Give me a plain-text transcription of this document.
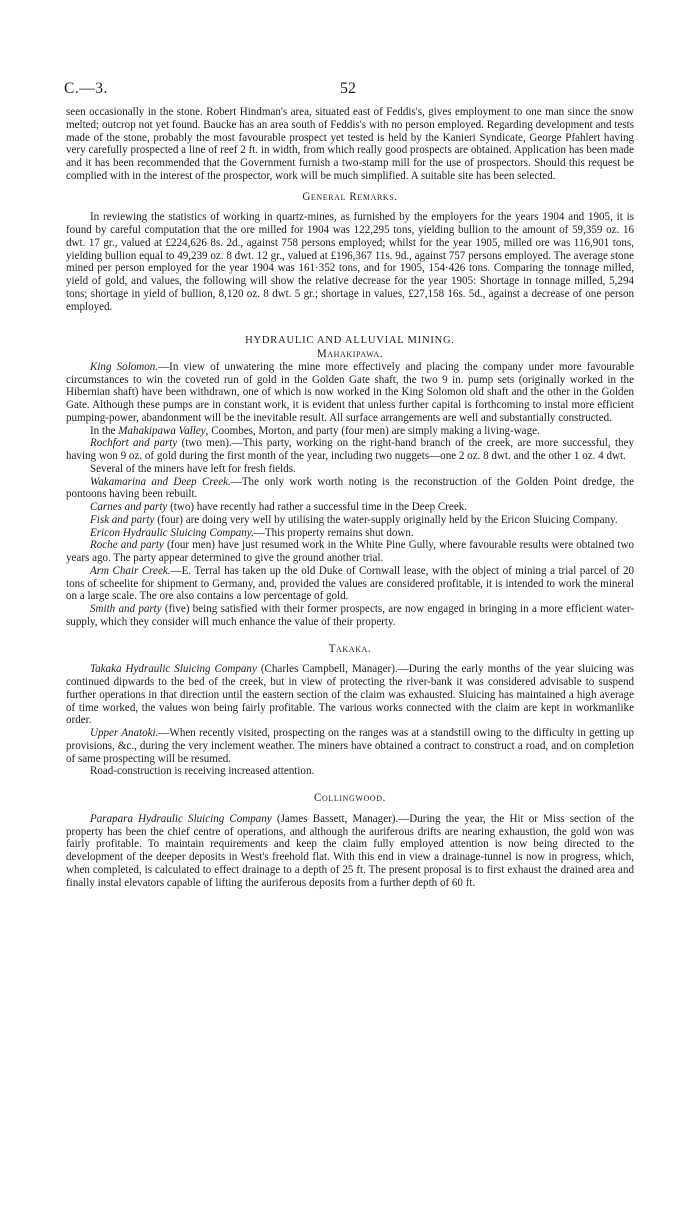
C.—3.	52

seen occasionally in the stone. Robert Hindman's area, situated east of Feddis's, gives employment to one man since the snow melted; outcrop not yet found. Baucke has an area south of Feddis's with no person employed. Regarding development and tests made of the stone, probably the most favourable prospect yet tested is held by the Kanieri Syndicate, George Pfahlert having very carefully prospected a line of reef 2 ft. in width, from which really good prospects are obtained. Application has been made and it has been recommended that the Government furnish a two-stamp mill for the use of prospectors. Should this request be complied with in the interest of the prospector, work will be much simplified. A suitable site has been selected.

General Remarks.

In reviewing the statistics of working in quartz-mines, as furnished by the employers for the years 1904 and 1905, it is found by careful computation that the ore milled for 1904 was 122,295 tons, yielding bullion to the amount of 59,359 oz. 16 dwt. 17 gr., valued at £224,626 8s. 2d., against 758 persons employed; whilst for the year 1905, milled ore was 116,901 tons, yielding bullion equal to 49,239 oz. 8 dwt. 12 gr., valued at £196,367 11s. 9d., against 757 persons employed. The average stone mined per person employed for the year 1904 was 161·352 tons, and for 1905, 154·426 tons. Comparing the tonnage milled, yield of gold, and values, the following will show the relative decrease for the year 1905: Shortage in tonnage milled, 5,294 tons; shortage in yield of bullion, 8,120 oz. 8 dwt. 5 gr.; shortage in values, £27,158 16s. 5d., against a decrease of one person employed.

HYDRAULIC AND ALLUVIAL MINING.

Mahakipawa.

King Solomon.—In view of unwatering the mine more effectively and placing the company under more favourable circumstances to win the coveted run of gold in the Golden Gate shaft, the two 9 in. pump sets (originally worked in the Hibernian shaft) have been withdrawn, one of which is now worked in the King Solomon old shaft and the other in the Golden Gate. Although these pumps are in constant work, it is evident that unless further capital is forthcoming to instal more efficient pumping-power, abandonment will be the inevitable result. All surface arrangements are well and substantially constructed.

In the Mahakipawa Valley, Coombes, Morton, and party (four men) are simply making a living-wage.

Rochfort and party (two men).—This party, working on the right-hand branch of the creek, are more successful, they having won 9 oz. of gold during the first month of the year, including two nuggets—one 2 oz. 8 dwt. and the other 1 oz. 4 dwt.

Several of the miners have left for fresh fields.

Wakamarina and Deep Creek.—The only work worth noting is the reconstruction of the Golden Point dredge, the pontoons having been rebuilt.

Carnes and party (two) have recently had rather a successful time in the Deep Creek.

Fisk and party (four) are doing very well by utilising the water-supply originally held by the Ericon Sluicing Company.

Ericon Hydraulic Sluicing Company.—This property remains shut down.

Roche and party (four men) have just resumed work in the White Pine Gully, where favourable results were obtained two years ago. The party appear determined to give the ground another trial.

Arm Chair Creek.—E. Terral has taken up the old Duke of Cornwall lease, with the object of mining a trial parcel of 20 tons of scheelite for shipment to Germany, and, provided the values are considered profitable, it is intended to work the mineral on a large scale. The ore also contains a low percentage of gold.

Smith and party (five) being satisfied with their former prospects, are now engaged in bringing in a more efficient water-supply, which they consider will much enhance the value of their property.

Takaka.

Takaka Hydraulic Sluicing Company (Charles Campbell, Manager).—During the early months of the year sluicing was continued dipwards to the bed of the creek, but in view of protecting the river-bank it was considered advisable to suspend further operations in that direction until the eastern section of the claim was exhausted. Sluicing has maintained a high average of time worked, the values won being fairly profitable. The various works connected with the claim are kept in workmanlike order.

Upper Anatoki.—When recently visited, prospecting on the ranges was at a standstill owing to the difficulty in getting up provisions, &c., during the very inclement weather. The miners have obtained a contract to construct a road, and on completion of same prospecting will be resumed.

Road-construction is receiving increased attention.

Collingwood.

Parapara Hydraulic Sluicing Company (James Bassett, Manager).—During the year, the Hit or Miss section of the property has been the chief centre of operations, and although the auriferous drifts are nearing exhaustion, the gold won was fairly profitable. To maintain requirements and keep the claim fully employed attention is now being directed to the development of the deeper deposits in West's freehold flat. With this end in view a drainage-tunnel is now in progress, which, when completed, is calculated to effect drainage to a depth of 25 ft. The present proposal is to first exhaust the drained area and finally instal elevators capable of lifting the auriferous deposits from a further depth of 60 ft.
